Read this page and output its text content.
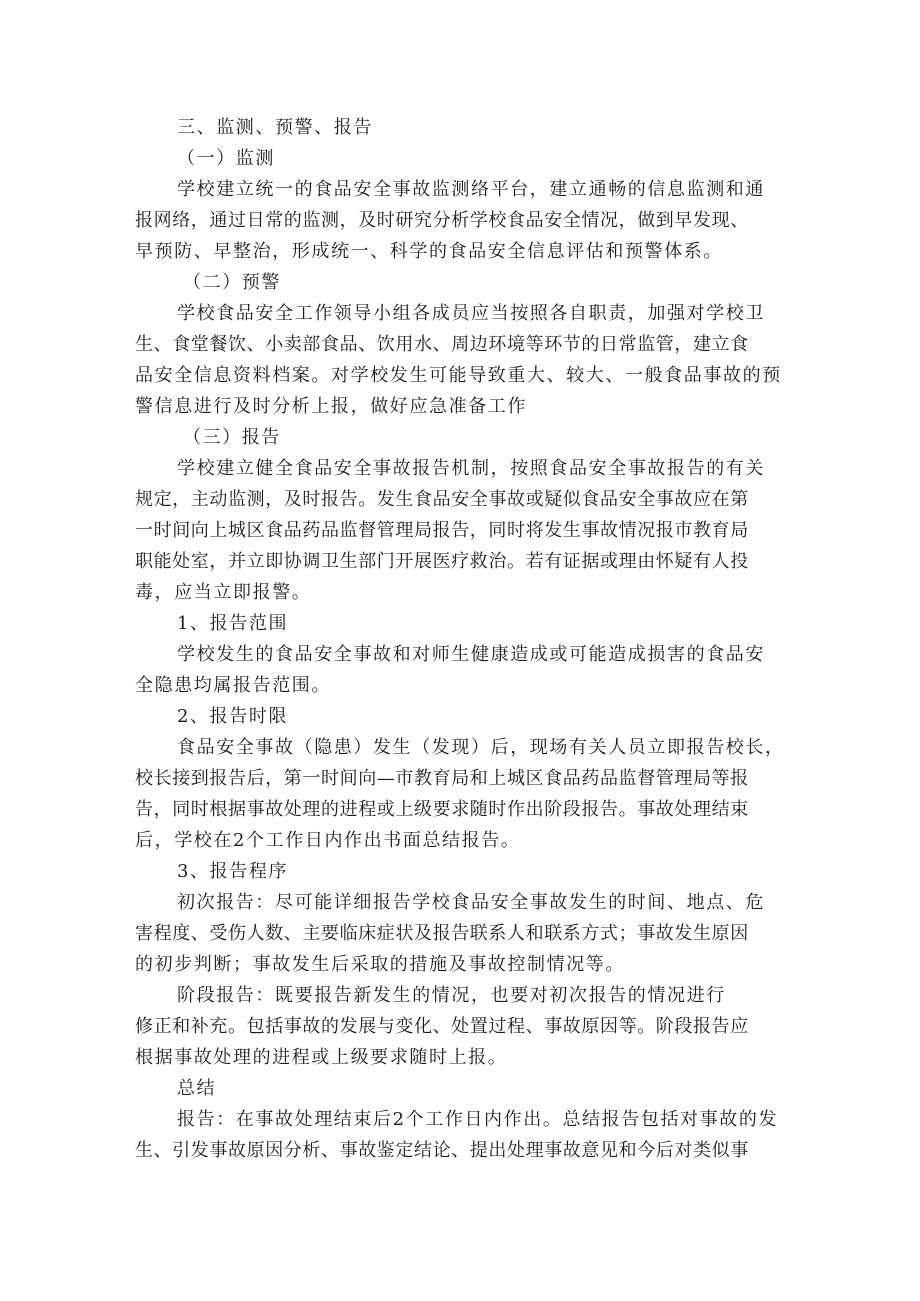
三、监测、预警、报告
（一）监测
学校建立统一的食品安全事故监测络平台，建立通畅的信息监测和通
报网络，通过日常的监测，及时研究分析学校食品安全情况，做到早发现、
早预防、早整治，形成统一、科学的食品安全信息评估和预警体系。
（二）预警
学校食品安全工作领导小组各成员应当按照各自职责，加强对学校卫
生、食堂餐饮、小卖部食品、饮用水、周边环境等环节的日常监管，建立食
品安全信息资料档案。对学校发生可能导致重大、较大、一般食品事故的预
警信息进行及时分析上报，做好应急准备工作
（三）报告
学校建立健全食品安全事故报告机制，按照食品安全事故报告的有关
规定，主动监测，及时报告。发生食品安全事故或疑似食品安全事故应在第
一时间向上城区食品药品监督管理局报告，同时将发生事故情况报市教育局
职能处室，并立即协调卫生部门开展医疗救治。若有证据或理由怀疑有人投
毒，应当立即报警。
1、报告范围
学校发生的食品安全事故和对师生健康造成或可能造成损害的食品安
全隐患均属报告范围。
2、报告时限
食品安全事故（隐患）发生（发现）后，现场有关人员立即报告校长，
校长接到报告后，第一时间向—市教育局和上城区食品药品监督管理局等报
告，同时根据事故处理的进程或上级要求随时作出阶段报告。事故处理结束
后，学校在2个工作日内作出书面总结报告。
3、报告程序
初次报告：尽可能详细报告学校食品安全事故发生的时间、地点、危
害程度、受伤人数、主要临床症状及报告联系人和联系方式；事故发生原因
的初步判断；事故发生后采取的措施及事故控制情况等。
阶段报告：既要报告新发生的情况，也要对初次报告的情况进行
修正和补充。包括事故的发展与变化、处置过程、事故原因等。阶段报告应
根据事故处理的进程或上级要求随时上报。
总结
报告：在事故处理结束后2个工作日内作出。总结报告包括对事故的发
生、引发事故原因分析、事故鉴定结论、提出处理事故意见和今后对类似事
